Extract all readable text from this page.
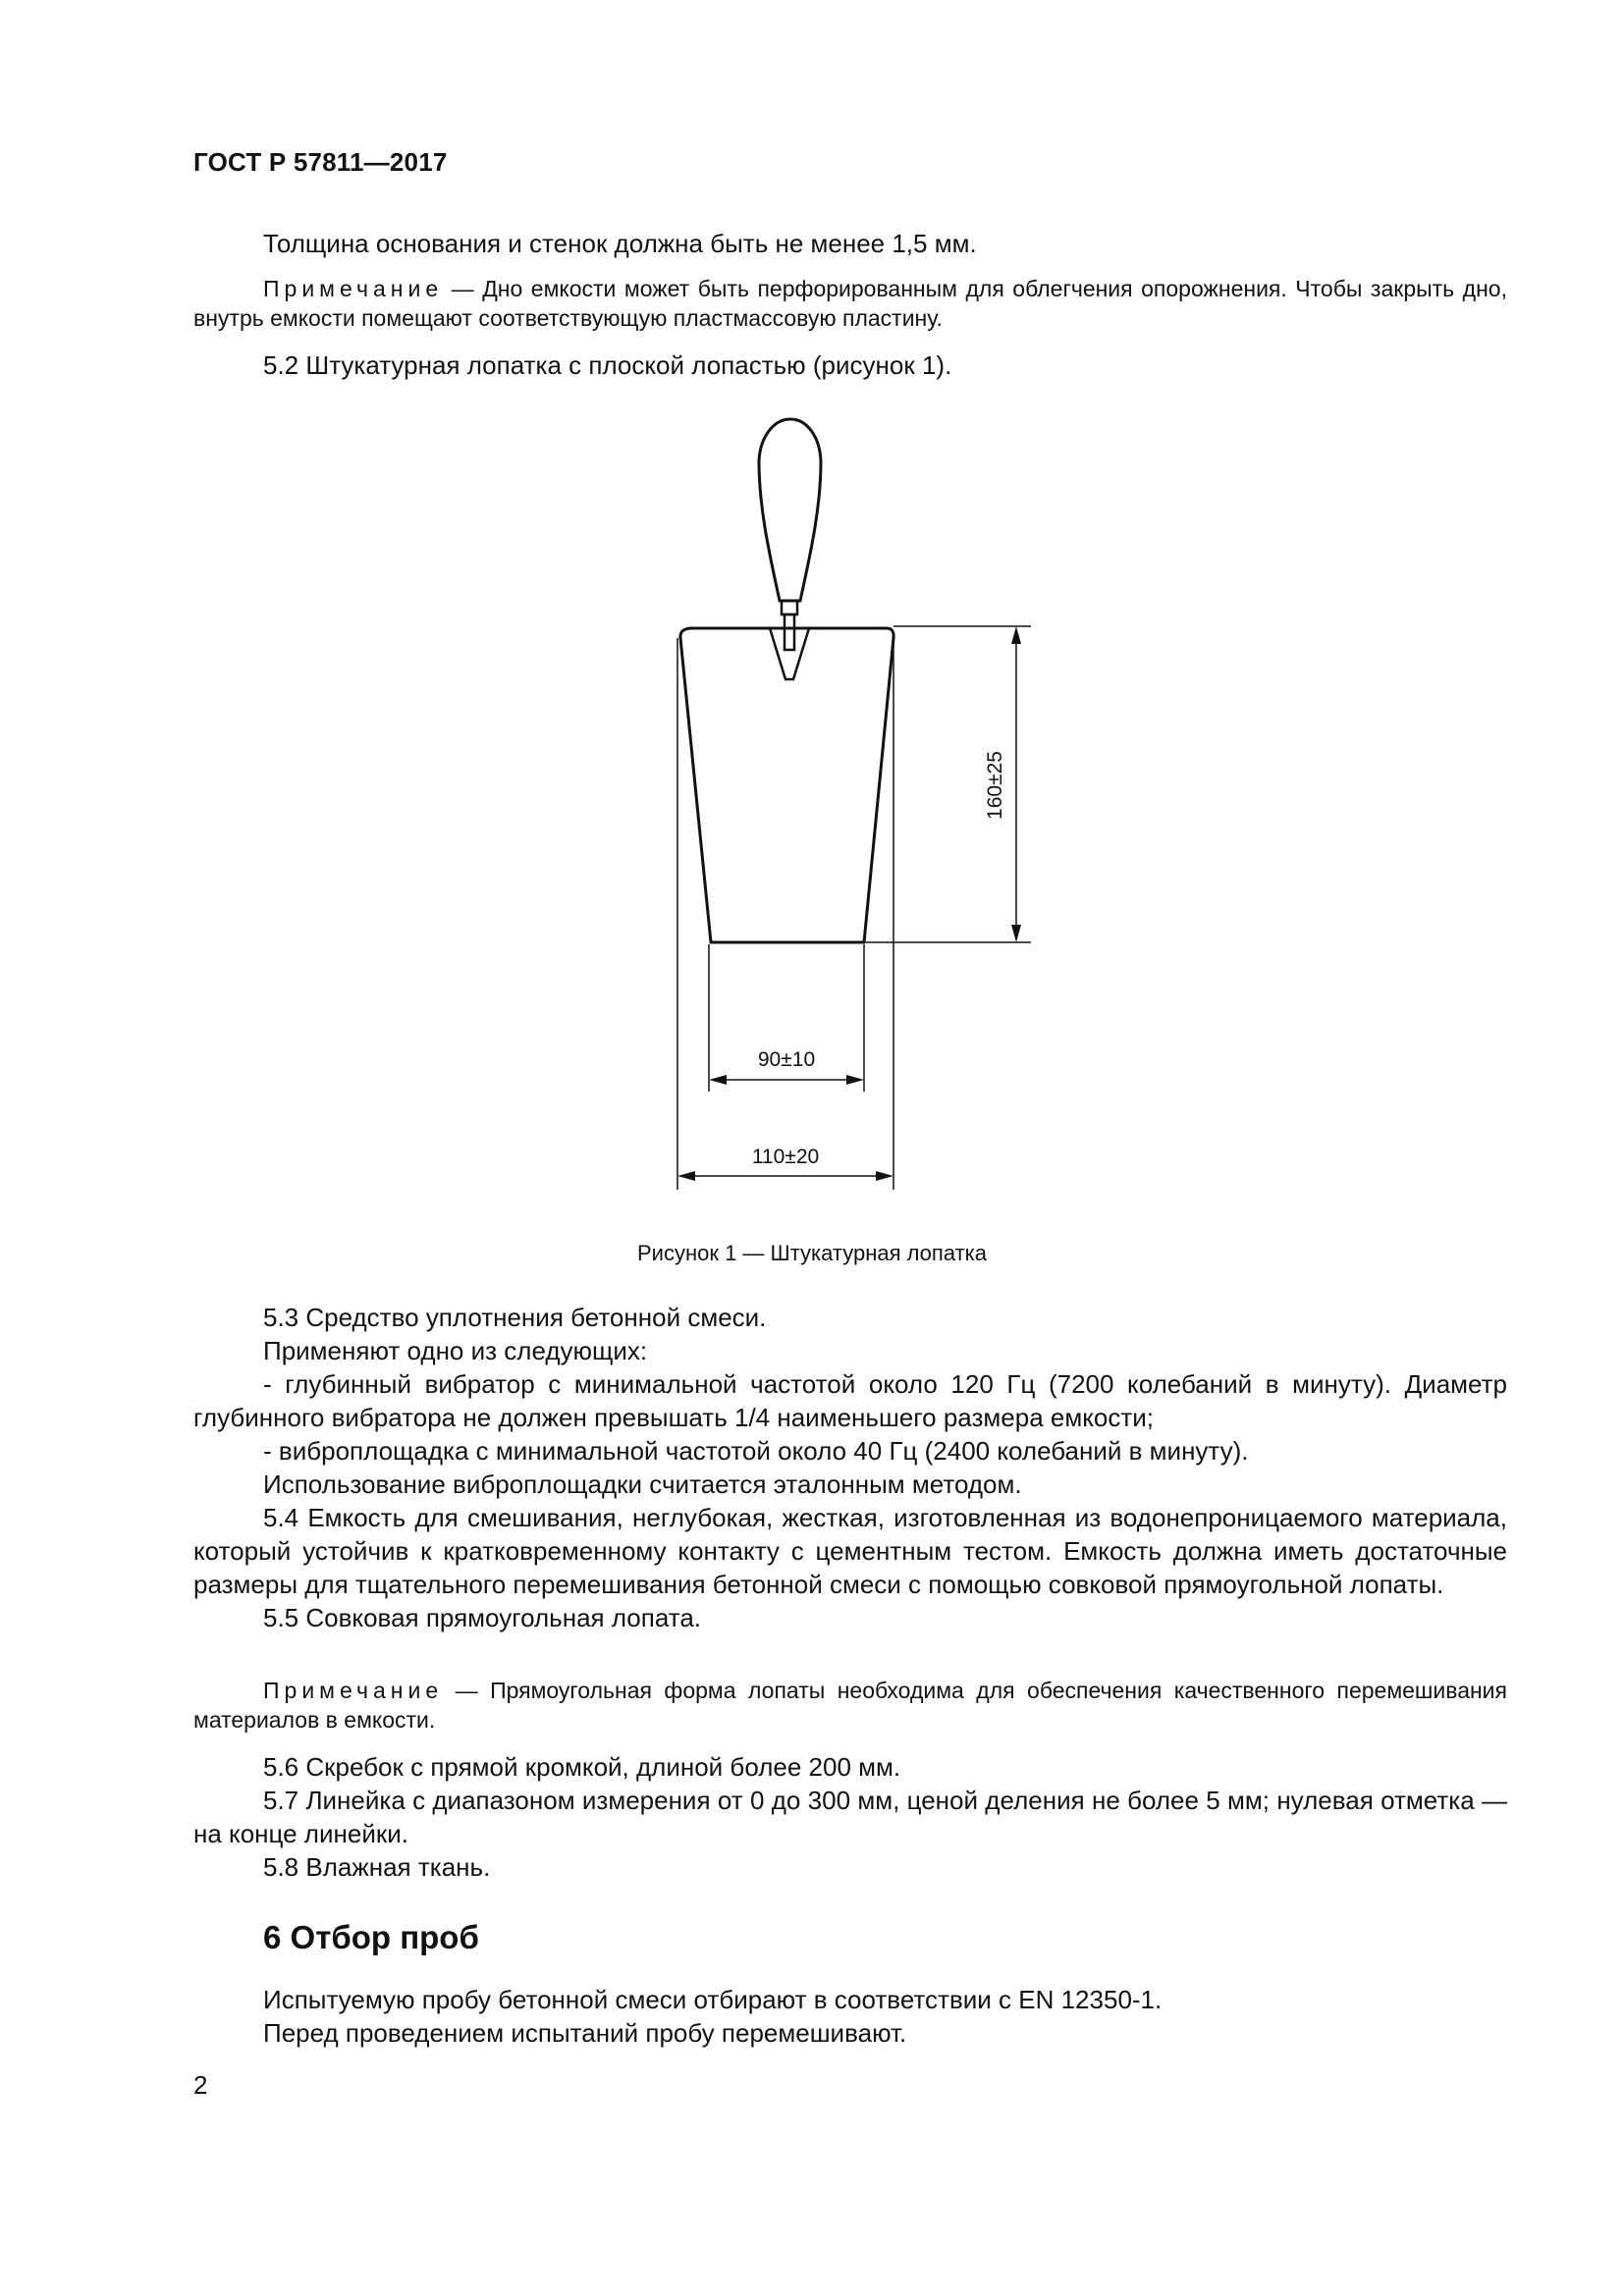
ГОСТ Р 57811—2017

Толщина основания и стенок должна быть не менее 1,5 мм.

Примечание — Дно емкости может быть перфорированным для облегчения опорожнения. Чтобы закрыть дно, внутрь емкости помещают соответствующую пластмассовую пластину.

5.2 Штукатурная лопатка с плоской лопастью (рисунок 1).

160±25
90±10
110±20
Рисунок 1 — Штукатурная лопатка

5.3 Средство уплотнения бетонной смеси.

Применяют одно из следующих:

- глубинный вибратор с минимальной частотой около 120 Гц (7200 колебаний в минуту). Диаметр глубинного вибратора не должен превышать 1/4 наименьшего размера емкости;

- виброплощадка с минимальной частотой около 40 Гц (2400 колебаний в минуту).

Использование виброплощадки считается эталонным методом.

5.4 Емкость для смешивания, неглубокая, жесткая, изготовленная из водонепроницаемого материала, который устойчив к кратковременному контакту с цементным тестом. Емкость должна иметь достаточные размеры для тщательного перемешивания бетонной смеси с помощью совковой прямоугольной лопаты.

5.5 Совковая прямоугольная лопата.

Примечание — Прямоугольная форма лопаты необходима для обеспечения качественного перемешивания материалов в емкости.

5.6 Скребок с прямой кромкой, длиной более 200 мм.

5.7 Линейка с диапазоном измерения от 0 до 300 мм, ценой деления не более 5 мм; нулевая отметка — на конце линейки.

5.8 Влажная ткань.

6 Отбор проб

Испытуемую пробу бетонной смеси отбирают в соответствии с EN 12350-1.

Перед проведением испытаний пробу перемешивают.

2
